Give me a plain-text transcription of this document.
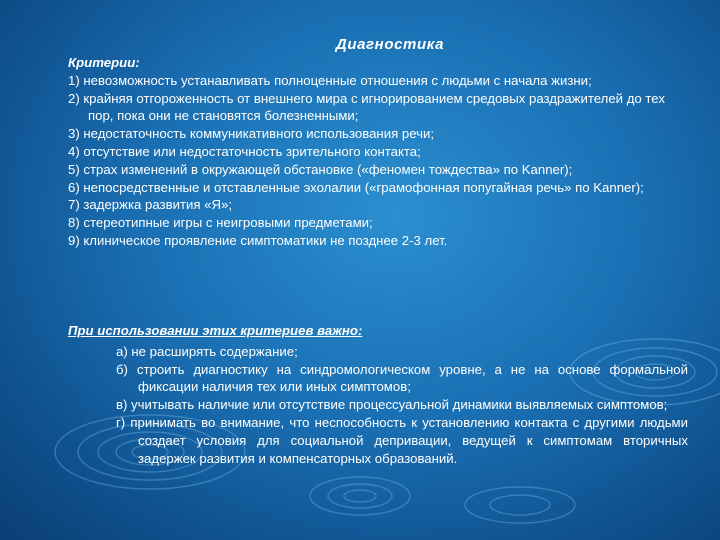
Диагностика
Критерии:
1) невозможность устанавливать полноценные отношения с людьми с начала жизни;
2) крайняя отгороженность от внешнего мира с игнорированием средовых раздражителей до тех пор, пока они не становятся болезненными;
3) недостаточность коммуникативного использования речи;
4) отсутствие или недостаточность зрительного контакта;
5) страх изменений в окружающей обстановке («феномен тождества» по Kanner);
6) непосредственные и отставленные эхолалии («грамофонная попугайная речь» по Kanner);
7) задержка развития «Я»;
8) стереотипные игры с неигровыми предметами;
9) клиническое проявление симптоматики не позднее 2-3 лет.
При использовании этих критериев важно:
а) не расширять содержание;
б) строить диагностику на синдромологическом уровне, а не на основе формальной фиксации наличия тех или иных симптомов;
в) учитывать наличие или отсутствие процессуальной динамики выявляемых симптомов;
г) принимать во внимание, что неспособность к установлению контакта с другими людьми создает условия для социальной депривации, ведущей к симптомам вторичных задержек развития и компенсаторных образований.
